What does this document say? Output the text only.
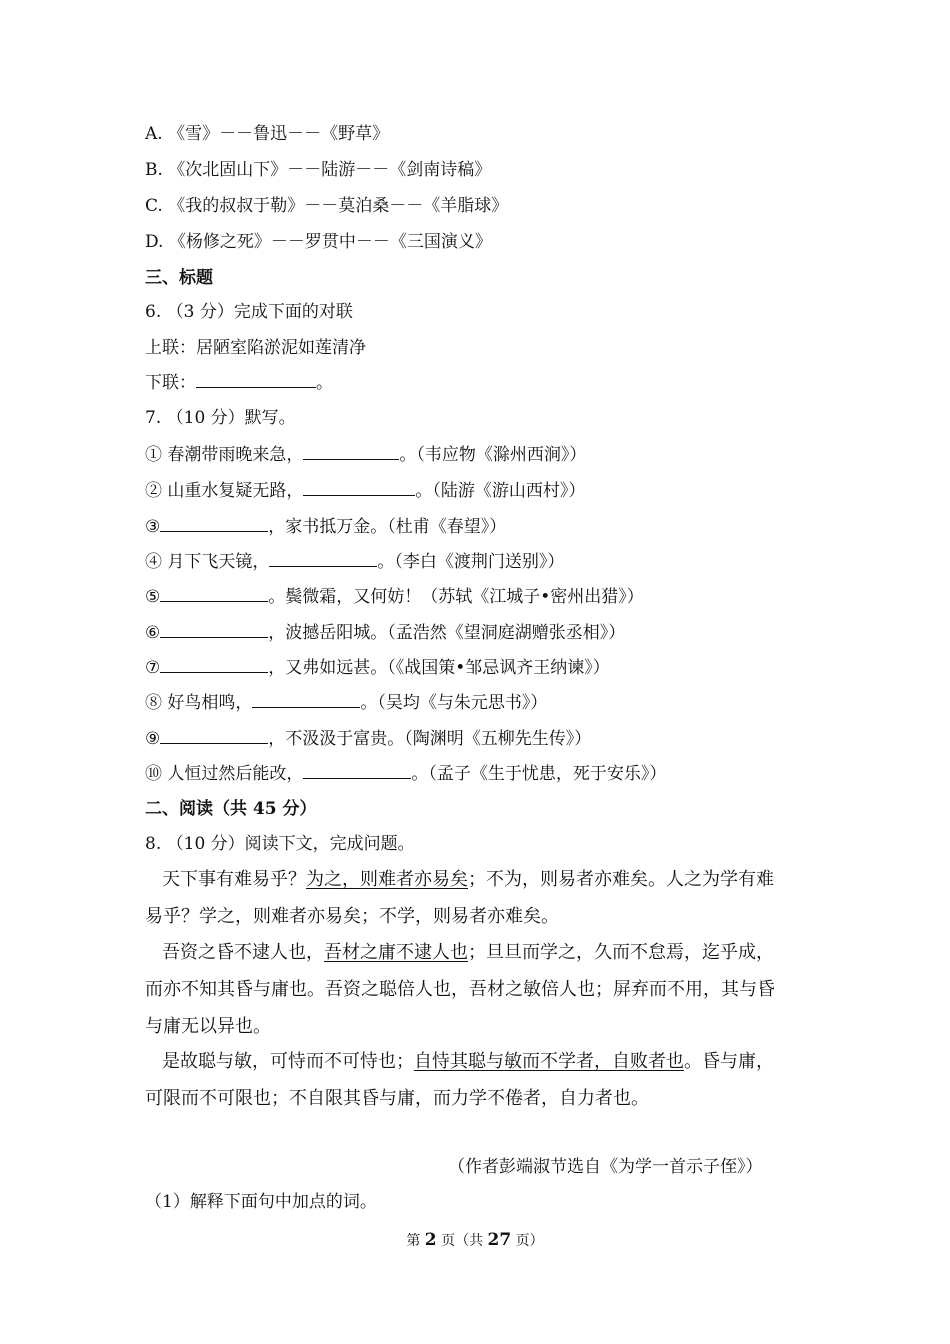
A. 《雪》－－鲁迅－－《野草》
B. 《次北固山下》－－陆游－－《剑南诗稿》
C. 《我的叔叔于勒》－－莫泊桑－－《羊脂球》
D. 《杨修之死》－－罗贯中－－《三国演义》
三、标题
6. （3 分）完成下面的对联
上联：居陋室陷淤泥如莲清净
下联：	。
7. （10 分）默写。
① 春潮带雨晚来急，	。（韦应物《滁州西涧》）
② 山重水复疑无路，	。（陆游《游山西村》）
③	，家书抵万金。（杜甫《春望》）
④ 月下飞天镜，	。（李白《渡荆门送别》）
⑤	。鬓微霜，又何妨！（苏轼《江城子•密州出猎》）
⑥	，波撼岳阳城。（孟浩然《望洞庭湖赠张丞相》）
⑦	，又弗如远甚。（《战国策•邹忌讽齐王纳谏》）
⑧ 好鸟相鸣，	。（吴均《与朱元思书》）
⑨	，不汲汲于富贵。（陶渊明《五柳先生传》）
⑩ 人恒过然后能改，	。（孟子《生于忧患，死于安乐》）
二、阅读（共 45 分）
8. （10 分）阅读下文，完成问题。
天下事有难易乎？为之，则难者亦易矣；不为，则易者亦难矣。人之为学有难
易乎？学之，则难者亦易矣；不学，则易者亦难矣。
吾资之昏不逮人也，吾材之庸不逮人也；旦旦而学之，久而不怠焉，迄乎成，
而亦不知其昏与庸也。吾资之聪倍人也，吾材之敏倍人也；屏弃而不用，其与昏
与庸无以异也。
是故聪与敏，可恃而不可恃也；自恃其聪与敏而不学者，自败者也。昏与庸，
可限而不可限也；不自限其昏与庸，而力学不倦者，自力者也。
（作者彭端淑节选自《为学一首示子侄》）
（1）解释下面句中加点的词。
第 2 页（共 27 页）
